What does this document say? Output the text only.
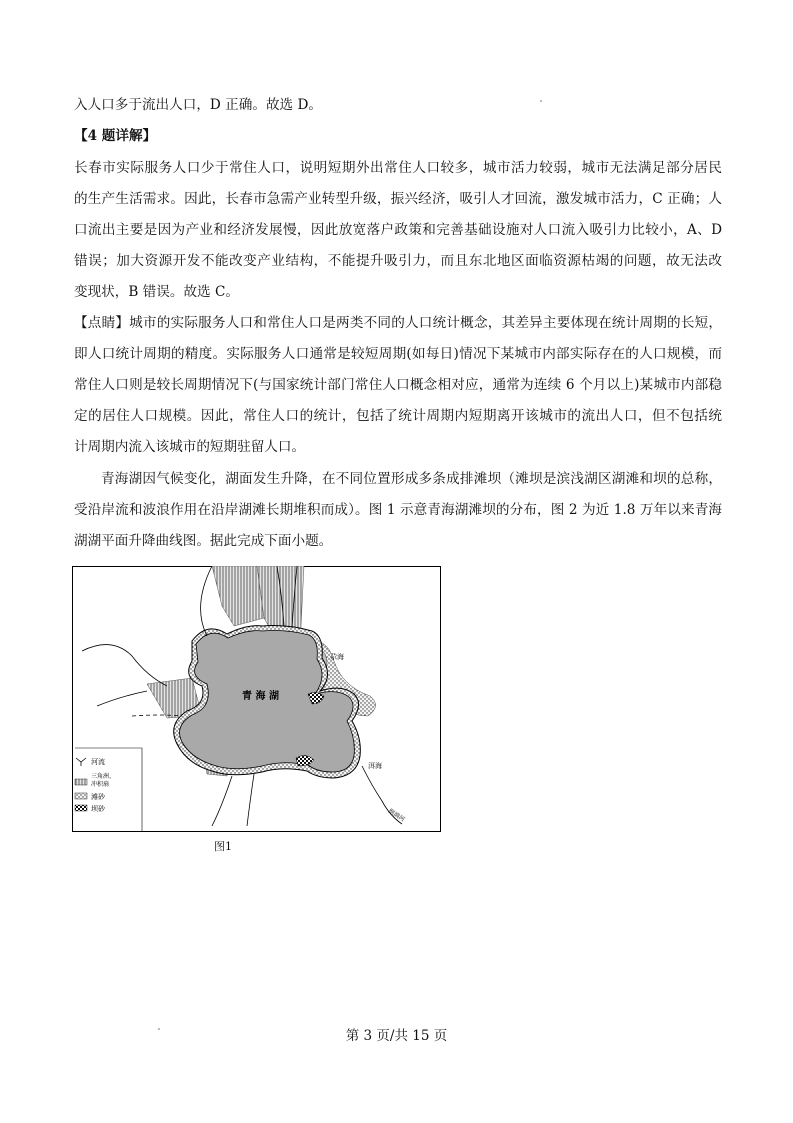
入人口多于流出人口，D 正确。故选 D。
【4 题详解】
长春市实际服务人口少于常住人口，说明短期外出常住人口较多，城市活力较弱，城市无法满足部分居民
的生产生活需求。因此，长春市急需产业转型升级，振兴经济，吸引人才回流，激发城市活力，C 正确；人
口流出主要是因为产业和经济发展慢，因此放宽落户政策和完善基础设施对人口流入吸引力比较小，A、D
错误；加大资源开发不能改变产业结构，不能提升吸引力，而且东北地区面临资源枯竭的问题，故无法改
变现状，B 错误。故选 C。
【点睛】城市的实际服务人口和常住人口是两类不同的人口统计概念，其差异主要体现在统计周期的长短，
即人口统计周期的精度。实际服务人口通常是较短周期(如每日)情况下某城市内部实际存在的人口规模，而
常住人口则是较长周期情况下(与国家统计部门常住人口概念相对应，通常为连续 6 个月以上)某城市内部稳
定的居住人口规模。因此，常住人口的统计，包括了统计周期内短期离开该城市的流出人口，但不包括统
计周期内流入该城市的短期驻留人口。
青海湖因气候变化，湖面发生升降，在不同位置形成多条成排滩坝（滩坝是滨浅湖区湖滩和坝的总称，
受沿岸流和波浪作用在沿岸湖滩长期堆积而成）。图 1 示意青海湖滩坝的分布，图 2 为近 1.8 万年以来青海
湖湖平面升降曲线图。据此完成下面小题。
青 海 湖
尕海
洱海
倒淌河
河流
三角洲、
冲积扇
滩砂
坝砂
图1
第 3 页/共 15 页
